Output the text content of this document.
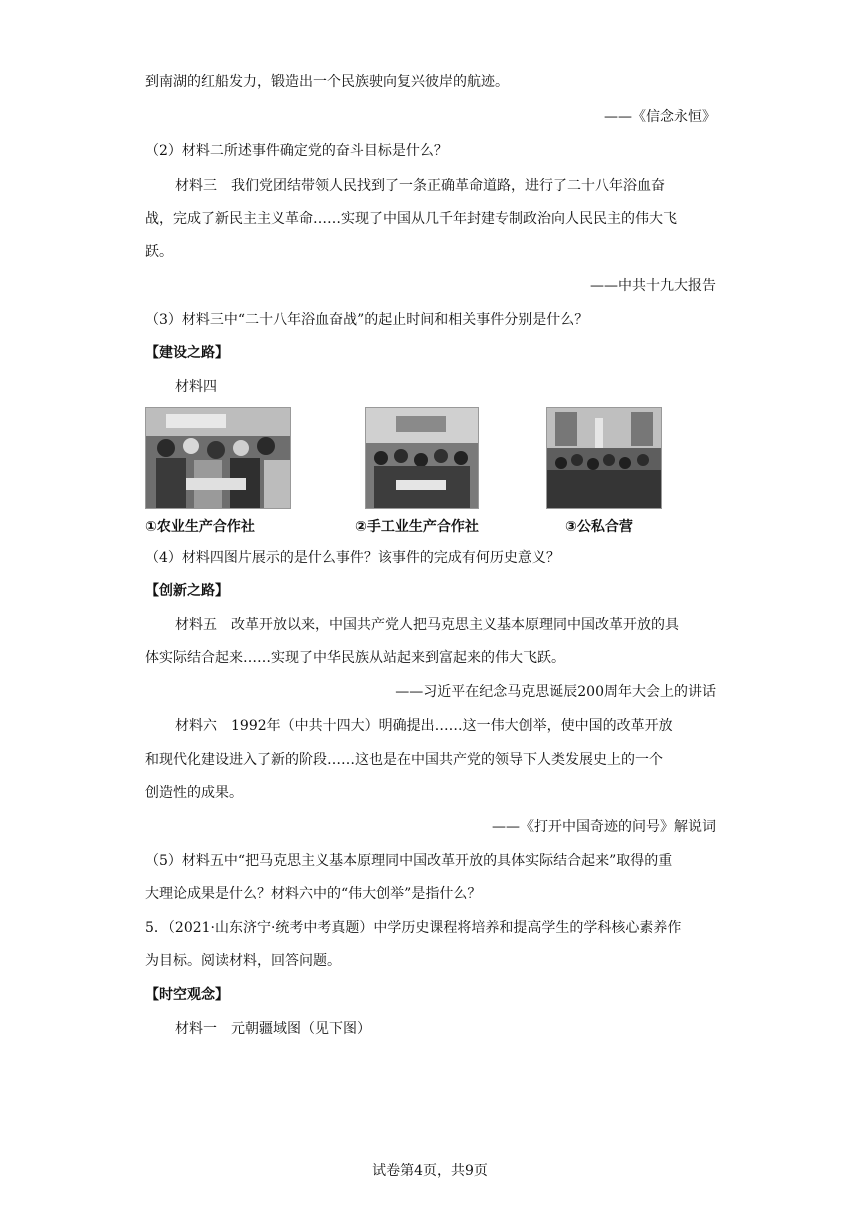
到南湖的红船发力，锻造出一个民族驶向复兴彼岸的航迹。
——《信念永恒》
（2）材料二所述事件确定党的奋斗目标是什么？
材料三　我们党团结带领人民找到了一条正确革命道路，进行了二十八年浴血奋
战，完成了新民主主义革命……实现了中国从几千年封建专制政治向人民民主的伟大飞
跃。
——中共十九大报告
（3）材料三中“二十八年浴血奋战”的起止时间和相关事件分别是什么？
【建设之路】
材料四
①农业生产合作社	②手工业生产合作社	③公私合营
（4）材料四图片展示的是什么事件？该事件的完成有何历史意义？
【创新之路】
材料五　改革开放以来，中国共产党人把马克思主义基本原理同中国改革开放的具
体实际结合起来……实现了中华民族从站起来到富起来的伟大飞跃。
——习近平在纪念马克思诞辰200周年大会上的讲话
材料六　1992年（中共十四大）明确提出……这一伟大创举，使中国的改革开放
和现代化建设进入了新的阶段……这也是在中国共产党的领导下人类发展史上的一个
创造性的成果。
——《打开中国奇迹的问号》解说词
（5）材料五中“把马克思主义基本原理同中国改革开放的具体实际结合起来”取得的重
大理论成果是什么？材料六中的“伟大创举”是指什么？
5．（2021·山东济宁·统考中考真题）中学历史课程将培养和提高学生的学科核心素养作
为目标。阅读材料，回答问题。
【时空观念】
材料一　元朝疆域图（见下图）
试卷第4页，共9页
